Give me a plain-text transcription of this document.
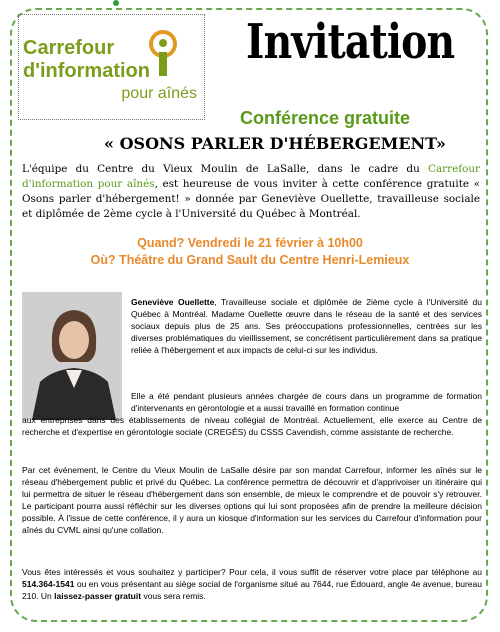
Carrefour
d'information
pour aînés
Invitation
Conférence gratuite
« OSONS PARLER D'HÉBERGEMENT»
L'équipe du Centre du Vieux Moulin de LaSalle, dans le cadre du Carrefour d'information pour aînés, est heureuse de vous inviter à cette conférence gratuite « Osons parler d'hébergement! » donnée par Geneviève Ouellette, travailleuse sociale et diplômée de 2ème cycle à l'Université du Québec à Montréal.
Quand? Vendredi le 21 février à 10h00
Où? Théâtre du Grand Sault du Centre Henri-Lemieux
Geneviève Ouellette, Travailleuse sociale et diplômée de 2ième cycle à l'Université du Québec à Montréal. Madame Ouellette œuvre dans le réseau de la santé et des services sociaux depuis plus de 25 ans. Ses préoccupations professionnelles, centrées sur les diverses problématiques du vieillissement, se concrétisent particulièrement dans sa pratique reliée à l'hébergement et aux impacts de celui-ci sur les individus.
Elle a été pendant plusieurs années chargée de cours dans un programme de formation d'intervenants en gérontologie et a aussi travaillé en formation continue
aux entreprises dans des établissements de niveau collégial de Montréal. Actuellement, elle exerce au Centre de recherche et d'expertise en gérontologie sociale (CREGÉS) du CSSS Cavendish, comme assistante de recherche.
Par cet événement, le Centre du Vieux Moulin de LaSalle désire par son mandat Carrefour, informer les aînés sur le réseau d'hébergement public et privé du Québec. La conférence permettra de découvrir et d'apprivoiser un itinéraire qui lui permettra de situer le réseau d'hébergement dans son ensemble, de mieux le comprendre et de pouvoir s'y retrouver. Le participant pourra aussi réfléchir sur les diverses options qui lui sont proposées afin de prendre la meilleure décision possible. À l'issue de cette conférence, il y aura un kiosque d'information sur les services du Carrefour d'information pour aînés du CVML ainsi qu'une collation.
Vous êtes intéressés et vous souhaitez y participer? Pour cela, il vous suffit de réserver votre place par téléphone au 514.364-1541 ou en vous présentant au siège social de l'organisme situé au 7644, rue Édouard, angle 4e avenue, bureau 210. Un laissez-passer gratuit vous sera remis.
